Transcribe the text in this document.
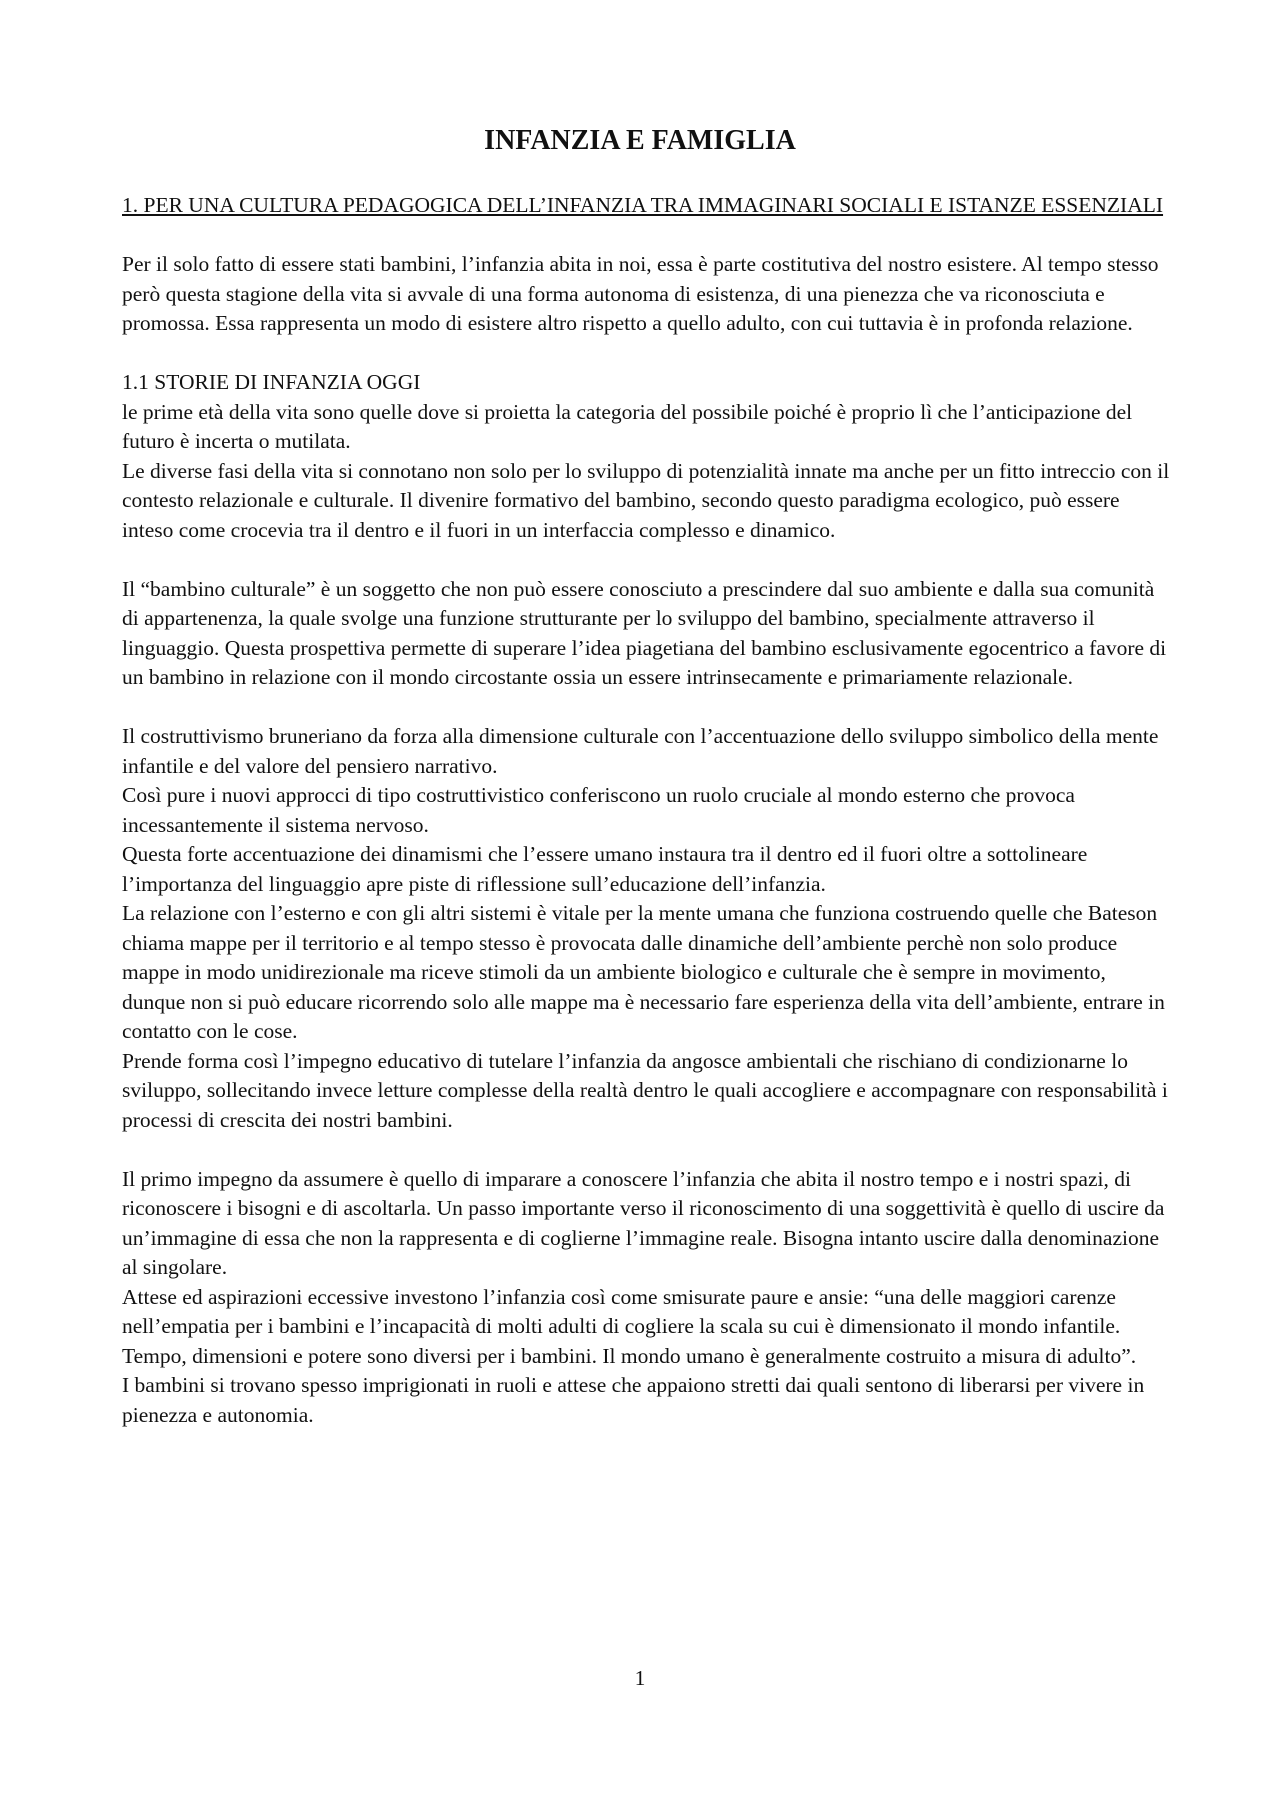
INFANZIA E FAMIGLIA

1. PER UNA CULTURA PEDAGOGICA DELL’INFANZIA TRA IMMAGINARI SOCIALI E ISTANZE ESSENZIALI

Per il solo fatto di essere stati bambini, l’infanzia abita in noi, essa è parte costitutiva del nostro esistere. Al tempo stesso però questa stagione della vita si avvale di una forma autonoma di esistenza, di una pienezza che va riconosciuta e promossa. Essa rappresenta un modo di esistere altro rispetto a quello adulto, con cui tuttavia è in profonda relazione.

1.1 STORIE DI INFANZIA OGGI

le prime età della vita sono quelle dove si proietta la categoria del possibile poiché è proprio lì che l’anticipazione del futuro è incerta o mutilata.

Le diverse fasi della vita si connotano non solo per lo sviluppo di potenzialità innate ma anche per un fitto intreccio con il contesto relazionale e culturale. Il divenire formativo del bambino, secondo questo paradigma ecologico, può essere inteso come crocevia tra il dentro e il fuori in un interfaccia complesso e dinamico.

Il “bambino culturale” è un soggetto che non può essere conosciuto a prescindere dal suo ambiente e dalla sua comunità di appartenenza, la quale svolge una funzione strutturante per lo sviluppo del bambino, specialmente attraverso il linguaggio. Questa prospettiva permette di superare l’idea piagetiana del bambino esclusivamente egocentrico a favore di un bambino in relazione con il mondo circostante ossia un essere intrinsecamente e primariamente relazionale.

Il costruttivismo bruneriano da forza alla dimensione culturale con l’accentuazione dello sviluppo simbolico della mente infantile e del valore del pensiero narrativo.

Così pure i nuovi approcci di tipo costruttivistico conferiscono un ruolo cruciale al mondo esterno che provoca incessantemente il sistema nervoso.

Questa forte accentuazione dei dinamismi che l’essere umano instaura tra il dentro ed il fuori oltre a sottolineare l’importanza del linguaggio apre piste di riflessione sull’educazione dell’infanzia.

La relazione con l’esterno e con gli altri sistemi è vitale per la mente umana che funziona costruendo quelle che Bateson chiama mappe per il territorio e al tempo stesso è provocata dalle dinamiche dell’ambiente perchè non solo produce mappe in modo unidirezionale ma riceve stimoli da un ambiente biologico e culturale che è sempre in movimento, dunque non si può educare ricorrendo solo alle mappe ma è necessario fare esperienza della vita dell’ambiente, entrare in contatto con le cose.

Prende forma così l’impegno educativo di tutelare l’infanzia da angosce ambientali che rischiano di condizionarne lo sviluppo, sollecitando invece letture complesse della realtà dentro le quali accogliere e accompagnare con responsabilità i processi di crescita dei nostri bambini.

Il primo impegno da assumere è quello di imparare a conoscere l’infanzia che abita il nostro tempo e i nostri spazi, di riconoscere i bisogni e di ascoltarla. Un passo importante verso il riconoscimento di una soggettività è quello di uscire da un’immagine di essa che non la rappresenta e di coglierne l’immagine reale. Bisogna intanto uscire dalla denominazione al singolare.

Attese ed aspirazioni eccessive investono l’infanzia così come smisurate paure e ansie: “una delle maggiori carenze nell’empatia per i bambini e l’incapacità di molti adulti di cogliere la scala su cui è dimensionato il mondo infantile. Tempo, dimensioni e potere sono diversi per i bambini. Il mondo umano è generalmente costruito a misura di adulto”.

I bambini si trovano spesso imprigionati in ruoli e attese che appaiono stretti dai quali sentono di liberarsi per vivere in pienezza e autonomia.

1
